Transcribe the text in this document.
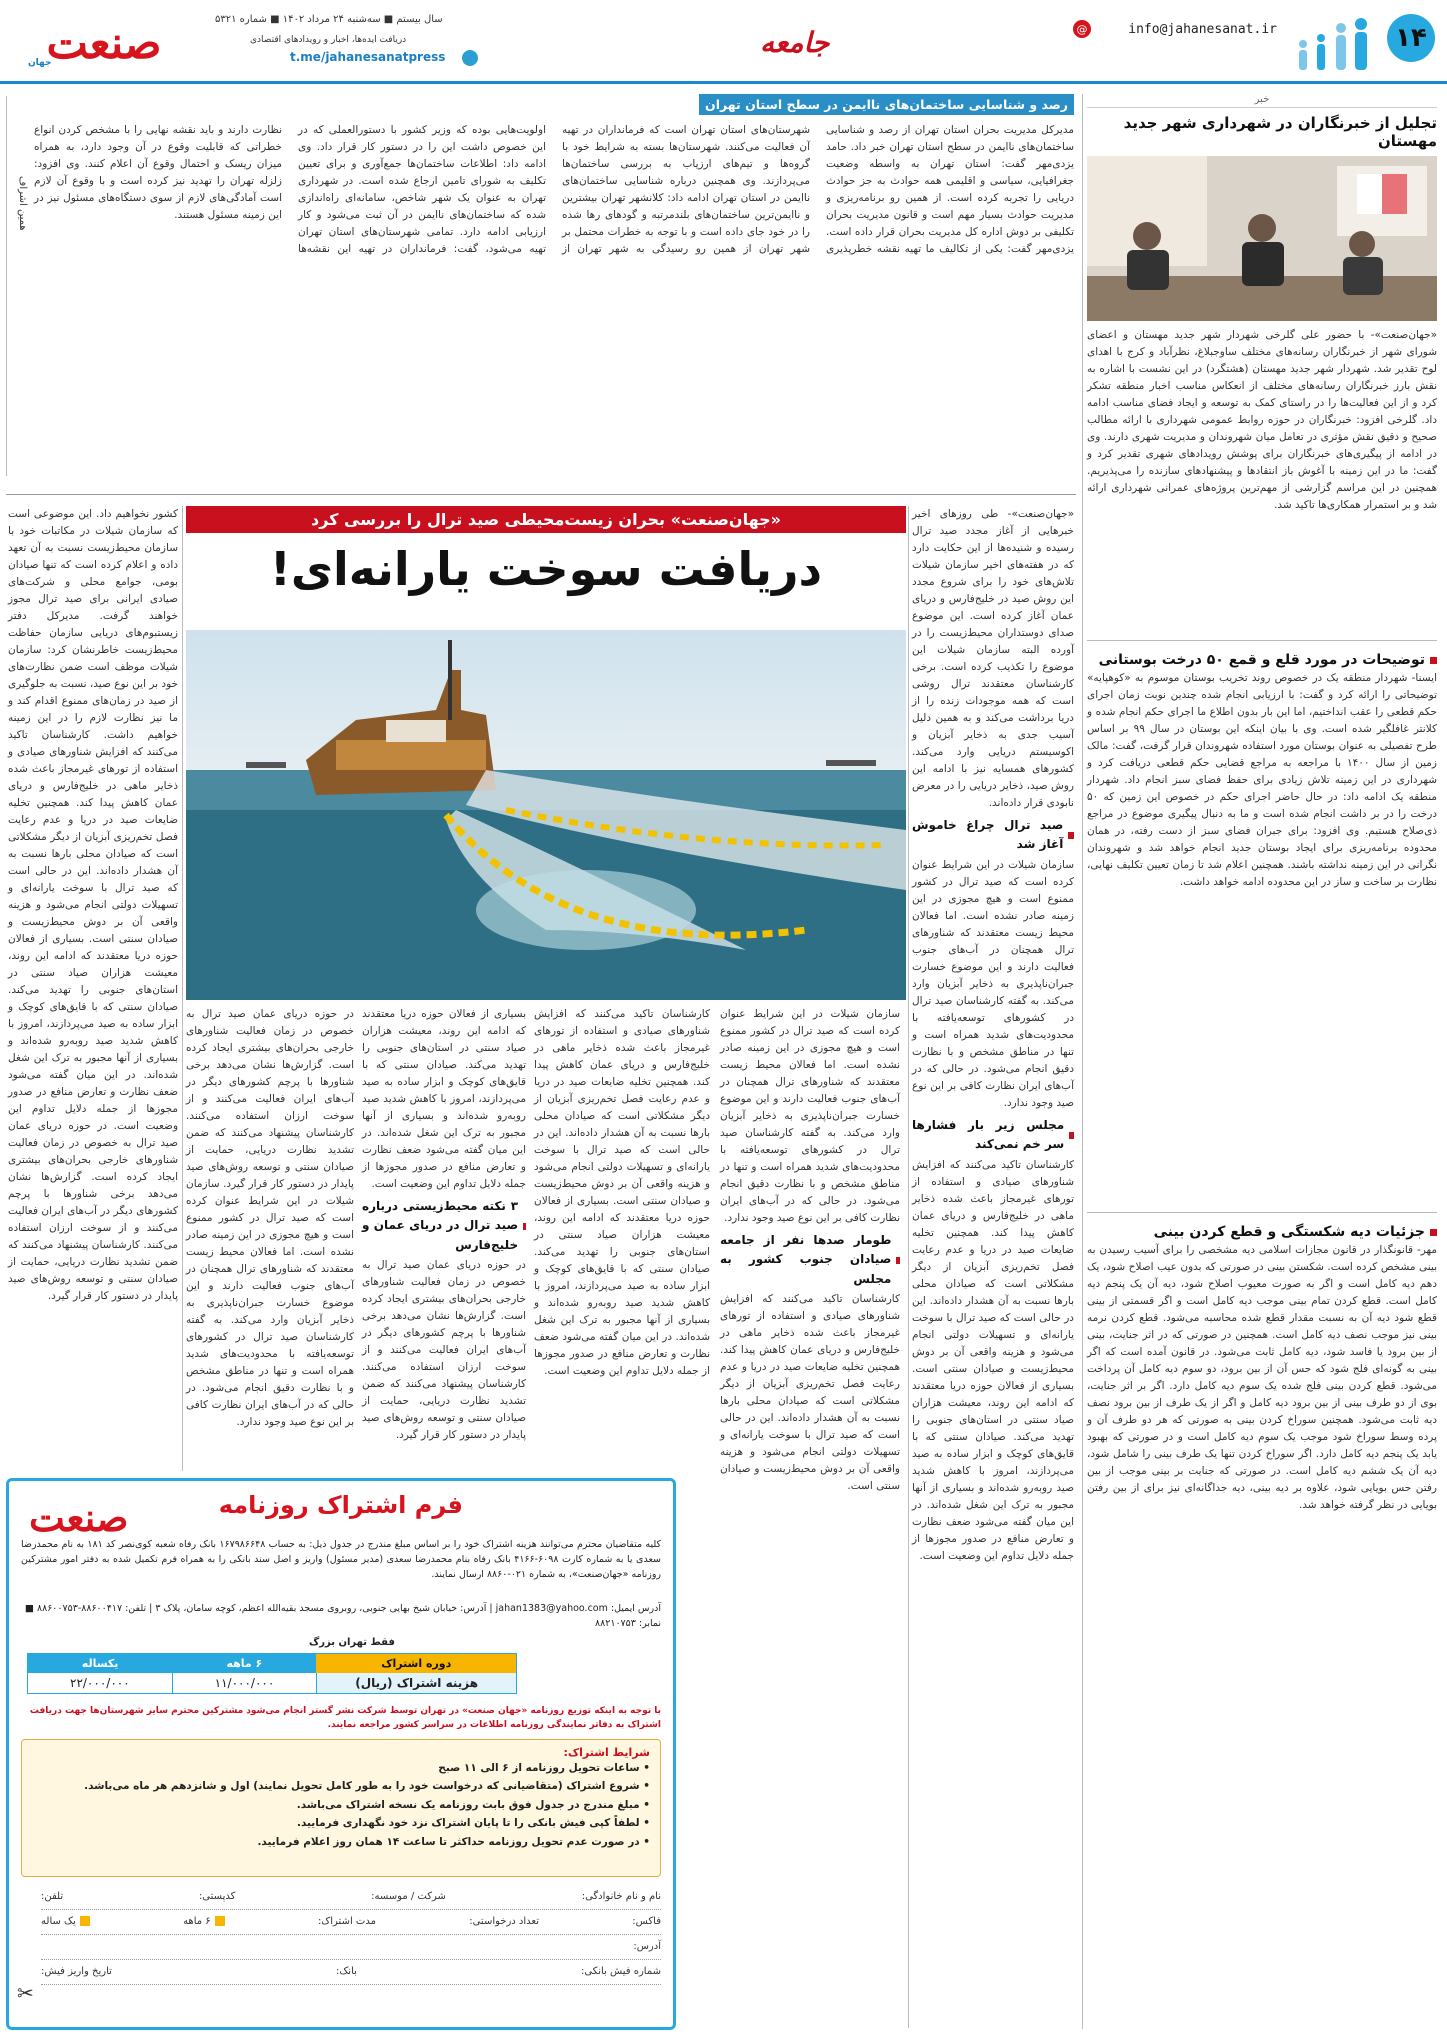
۱۴
@	info@jahanesanat.ir
جامعه
صنعت
جهان
سال بیستم ■ سه‌شنبه ۲۴ مرداد ۱۴۰۲ ■ شماره ۵۳۲۱
دریافت ایده‌ها، اخبار و رویدادهای اقتصادی
t.me/jahanesanatpress
همین اشراف
خبر
تجلیل از خبرنگاران در شهرداری شهر جدید مهستان
«جهان‌صنعت»- با حضور علی گلرخی شهردار شهر جدید مهستان و اعضای شورای شهر از خبرنگاران رسانه‌های مختلف ساوجبلاغ، نظرآباد و کرج با اهدای لوح تقدیر شد. شهردار شهر جدید مهستان (هشتگرد) در این نشست با اشاره به نقش بارز خبرنگاران رسانه‌های مختلف از انعکاس مناسب اخبار منطقه تشکر کرد و از این فعالیت‌ها را در راستای کمک به توسعه و ایجاد فضای مناسب ادامه داد. گلرخی افزود: خبرنگاران در حوزه روابط عمومی شهرداری با ارائه مطالب صحیح و دقیق نقش مؤثری در تعامل میان شهروندان و مدیریت شهری دارند. وی در ادامه از پیگیری‌های خبرنگاران برای پوشش رویدادهای شهری تقدیر کرد و گفت: ما در این زمینه با آغوش باز انتقادها و پیشنهادهای سازنده را می‌پذیریم. همچنین در این مراسم گزارشی از مهم‌ترین پروژه‌های عمرانی شهرداری ارائه شد و بر استمرار همکاری‌ها تاکید شد.
توضیحات در مورد قلع و قمع ۵۰ درخت بوستانی
ایسنا- شهردار منطقه یک در خصوص روند تخریب بوستان موسوم به «کوهپایه» توضیحاتی را ارائه کرد و گفت: با ارزیابی انجام شده چندین نوبت زمان اجرای حکم قطعی را عقب انداختیم، اما این بار بدون اطلاع ما اجرای حکم انجام شده و کلانتر غافلگیر شده است. وی با بیان اینکه این بوستان در سال ۹۹ بر اساس طرح تفصیلی به عنوان بوستان مورد استفاده شهروندان قرار گرفت، گفت: مالک زمین از سال ۱۴۰۰ با مراجعه به مراجع قضایی حکم قطعی دریافت کرد و شهرداری در این زمینه تلاش زیادی برای حفظ فضای سبز انجام داد. شهردار منطقه یک ادامه داد: در حال حاضر اجرای حکم در خصوص این زمین که ۵۰ درخت را در بر داشت انجام شده است و ما به دنبال پیگیری موضوع در مراجع ذی‌صلاح هستیم. وی افزود: برای جبران فضای سبز از دست رفته، در همان محدوده برنامه‌ریزی برای ایجاد بوستان جدید انجام خواهد شد و شهروندان نگرانی در این زمینه نداشته باشند. همچنین اعلام شد تا زمان تعیین تکلیف نهایی، نظارت بر ساخت و ساز در این محدوده ادامه خواهد داشت.
جزئیات دیه شکستگی و قطع کردن بینی
مهر- قانونگذار در قانون مجازات اسلامی دیه مشخصی را برای آسیب رسیدن به بینی مشخص کرده است. شکستن بینی در صورتی که بدون عیب اصلاح شود، یک دهم دیه کامل است و اگر به صورت معیوب اصلاح شود، دیه آن یک پنجم دیه کامل است. قطع کردن تمام بینی موجب دیه کامل است و اگر قسمتی از بینی قطع شود دیه آن به نسبت مقدار قطع شده محاسبه می‌شود. قطع کردن نرمه بینی نیز موجب نصف دیه کامل است. همچنین در صورتی که در اثر جنایت، بینی از بین برود یا فاسد شود، دیه کامل ثابت می‌شود. در قانون آمده است که اگر بینی به گونه‌ای فلج شود که حس آن از بین برود، دو سوم دیه کامل آن پرداخت می‌شود. قطع کردن بینی فلج شده یک سوم دیه کامل دارد. اگر بر اثر جنایت، بوی از دو طرف بینی از بین برود دیه کامل و اگر از یک طرف از بین برود نصف دیه ثابت می‌شود. همچنین سوراخ کردن بینی به صورتی که هر دو طرف آن و پرده وسط سوراخ شود موجب یک سوم دیه کامل است و در صورتی که بهبود یابد یک پنجم دیه کامل دارد. اگر سوراخ کردن تنها یک طرف بینی را شامل شود، دیه آن یک ششم دیه کامل است. در صورتی که جنایت بر بینی موجب از بین رفتن حس بویایی شود، علاوه بر دیه بینی، دیه جداگانه‌ای نیز برای از بین رفتن بویایی در نظر گرفته خواهد شد.
رصد و شناسایی ساختمان‌های ناایمن در سطح استان تهران
مدیرکل مدیریت بحران استان تهران از رصد و شناسایی ساختمان‌های ناایمن در سطح استان تهران خبر داد. حامد یزدی‌مهر گفت: استان تهران به واسطه وضعیت جغرافیایی، سیاسی و اقلیمی همه حوادث به جز حوادث دریایی را تجربه کرده است. از همین رو برنامه‌ریزی و مدیریت حوادث بسیار مهم است و قانون مدیریت بحران تکلیفی بر دوش اداره کل مدیریت بحران قرار داده است. یزدی‌مهر گفت: یکی از تکالیف ما تهیه نقشه خطرپذیری شهرستان‌های استان تهران است که فرمانداران در تهیه آن فعالیت می‌کنند. شهرستان‌ها بسته به شرایط خود با گروه‌ها و تیم‌های ارزیاب به بررسی ساختمان‌ها می‌پردازند. وی همچنین درباره شناسایی ساختمان‌های ناایمن در استان تهران ادامه داد: کلانشهر تهران بیشترین و ناایمن‌ترین ساختمان‌های بلندمرتبه و گودهای رها شده را در خود جای داده است و با توجه به خطرات محتمل بر شهر تهران از همین رو رسیدگی به شهر تهران از اولویت‌هایی بوده که وزیر کشور با دستورالعملی که در این خصوص داشت این را در دستور کار قرار داد. وی ادامه داد: اطلاعات ساختمان‌ها جمع‌آوری و برای تعیین تکلیف به شورای تامین ارجاع شده است. در شهرداری تهران به عنوان یک شهر شاخص، سامانه‌ای راه‌اندازی شده که ساختمان‌های ناایمن در آن ثبت می‌شود و کار ارزیابی ادامه دارد. تمامی شهرستان‌های استان تهران تهیه می‌شود، گفت: فرمانداران در تهیه این نقشه‌ها نظارت دارند و باید نقشه نهایی را با مشخص کردن انواع خطراتی که قابلیت وقوع در آن وجود دارد، به همراه میزان ریسک و احتمال وقوع آن اعلام کنند. وی افزود: زلزله تهران را تهدید نیز کرده است و با وقوع آن لازم است آمادگی‌های لازم از سوی دستگاه‌های مسئول نیز در این زمینه مسئول هستند.
«جهان‌صنعت» بحران زیست‌محیطی صید ترال را بررسی کرد
دریافت سوخت یارانه‌ای!
«جهان‌صنعت»- طی روزهای اخیر خبرهایی از آغاز مجدد صید ترال رسیده و شنیده‌ها از این حکایت دارد که در هفته‌های اخیر سازمان شیلات تلاش‌های خود را برای شروع مجدد این روش صید در خلیج‌فارس و دریای عمان آغاز کرده است. این موضوع صدای دوستداران محیط‌زیست را در آورده البته سازمان شیلات این موضوع را تکذیب کرده است. برخی کارشناسان معتقدند ترال روشی است که همه موجودات زنده را از دریا برداشت می‌کند و به همین دلیل آسیب جدی به ذخایر آبزیان و اکوسیستم دریایی وارد می‌کند. کشورهای همسایه نیز با ادامه این روش صید، ذخایر دریایی را در معرض نابودی قرار داده‌اند.
صید ترال چراغ خاموش آغاز شد
سازمان شیلات در این شرایط عنوان کرده است که صید ترال در کشور ممنوع است و هیچ مجوزی در این زمینه صادر نشده است. اما فعالان محیط زیست معتقدند که شناورهای ترال همچنان در آب‌های جنوب فعالیت دارند و این موضوع خسارت جبران‌ناپذیری به ذخایر آبزیان وارد می‌کند. به گفته کارشناسان صید ترال در کشورهای توسعه‌یافته با محدودیت‌های شدید همراه است و تنها در مناطق مشخص و با نظارت دقیق انجام می‌شود. در حالی که در آب‌های ایران نظارت کافی بر این نوع صید وجود ندارد.
مجلس زیر بار فشارها سر خم نمی‌کند
کارشناسان تاکید می‌کنند که افزایش شناورهای صیادی و استفاده از تورهای غیرمجاز باعث شده ذخایر ماهی در خلیج‌فارس و دریای عمان کاهش پیدا کند. همچنین تخلیه ضایعات صید در دریا و عدم رعایت فصل تخم‌ریزی آبزیان از دیگر مشکلاتی است که صیادان محلی بارها نسبت به آن هشدار داده‌اند. این در حالی است که صید ترال با سوخت یارانه‌ای و تسهیلات دولتی انجام می‌شود و هزینه واقعی آن بر دوش محیط‌زیست و صیادان سنتی است. بسیاری از فعالان حوزه دریا معتقدند که ادامه این روند، معیشت هزاران صیاد سنتی در استان‌های جنوبی را تهدید می‌کند. صیادان سنتی که با قایق‌های کوچک و ابزار ساده به صید می‌پردازند، امروز با کاهش شدید صید روبه‌رو شده‌اند و بسیاری از آنها مجبور به ترک این شغل شده‌اند. در این میان گفته می‌شود ضعف نظارت و تعارض منافع در صدور مجوزها از جمله دلایل تداوم این وضعیت است.
سازمان شیلات در این شرایط عنوان کرده است که صید ترال در کشور ممنوع است و هیچ مجوزی در این زمینه صادر نشده است. اما فعالان محیط زیست معتقدند که شناورهای ترال همچنان در آب‌های جنوب فعالیت دارند و این موضوع خسارت جبران‌ناپذیری به ذخایر آبزیان وارد می‌کند. به گفته کارشناسان صید ترال در کشورهای توسعه‌یافته با محدودیت‌های شدید همراه است و تنها در مناطق مشخص و با نظارت دقیق انجام می‌شود. در حالی که در آب‌های ایران نظارت کافی بر این نوع صید وجود ندارد.
طومار صدها نفر از جامعه صیادان جنوب کشور به مجلس
کارشناسان تاکید می‌کنند که افزایش شناورهای صیادی و استفاده از تورهای غیرمجاز باعث شده ذخایر ماهی در خلیج‌فارس و دریای عمان کاهش پیدا کند. همچنین تخلیه ضایعات صید در دریا و عدم رعایت فصل تخم‌ریزی آبزیان از دیگر مشکلاتی است که صیادان محلی بارها نسبت به آن هشدار داده‌اند. این در حالی است که صید ترال با سوخت یارانه‌ای و تسهیلات دولتی انجام می‌شود و هزینه واقعی آن بر دوش محیط‌زیست و صیادان سنتی است.
کارشناسان تاکید می‌کنند که افزایش شناورهای صیادی و استفاده از تورهای غیرمجاز باعث شده ذخایر ماهی در خلیج‌فارس و دریای عمان کاهش پیدا کند. همچنین تخلیه ضایعات صید در دریا و عدم رعایت فصل تخم‌ریزی آبزیان از دیگر مشکلاتی است که صیادان محلی بارها نسبت به آن هشدار داده‌اند. این در حالی است که صید ترال با سوخت یارانه‌ای و تسهیلات دولتی انجام می‌شود و هزینه واقعی آن بر دوش محیط‌زیست و صیادان سنتی است. بسیاری از فعالان حوزه دریا معتقدند که ادامه این روند، معیشت هزاران صیاد سنتی در استان‌های جنوبی را تهدید می‌کند. صیادان سنتی که با قایق‌های کوچک و ابزار ساده به صید می‌پردازند، امروز با کاهش شدید صید روبه‌رو شده‌اند و بسیاری از آنها مجبور به ترک این شغل شده‌اند. در این میان گفته می‌شود ضعف نظارت و تعارض منافع در صدور مجوزها از جمله دلایل تداوم این وضعیت است.
بسیاری از فعالان حوزه دریا معتقدند که ادامه این روند، معیشت هزاران صیاد سنتی در استان‌های جنوبی را تهدید می‌کند. صیادان سنتی که با قایق‌های کوچک و ابزار ساده به صید می‌پردازند، امروز با کاهش شدید صید روبه‌رو شده‌اند و بسیاری از آنها مجبور به ترک این شغل شده‌اند. در این میان گفته می‌شود ضعف نظارت و تعارض منافع در صدور مجوزها از جمله دلایل تداوم این وضعیت است.
۳ نکته محیط‌زیستی درباره صید ترال در دریای عمان و خلیج‌فارس
در حوزه دریای عمان صید ترال به خصوص در زمان فعالیت شناورهای خارجی بحران‌های بیشتری ایجاد کرده است. گزارش‌ها نشان می‌دهد برخی شناورها با پرچم کشورهای دیگر در آب‌های ایران فعالیت می‌کنند و از سوخت ارزان استفاده می‌کنند. کارشناسان پیشنهاد می‌کنند که ضمن تشدید نظارت دریایی، حمایت از صیادان سنتی و توسعه روش‌های صید پایدار در دستور کار قرار گیرد.
در حوزه دریای عمان صید ترال به خصوص در زمان فعالیت شناورهای خارجی بحران‌های بیشتری ایجاد کرده است. گزارش‌ها نشان می‌دهد برخی شناورها با پرچم کشورهای دیگر در آب‌های ایران فعالیت می‌کنند و از سوخت ارزان استفاده می‌کنند. کارشناسان پیشنهاد می‌کنند که ضمن تشدید نظارت دریایی، حمایت از صیادان سنتی و توسعه روش‌های صید پایدار در دستور کار قرار گیرد. سازمان شیلات در این شرایط عنوان کرده است که صید ترال در کشور ممنوع است و هیچ مجوزی در این زمینه صادر نشده است. اما فعالان محیط زیست معتقدند که شناورهای ترال همچنان در آب‌های جنوب فعالیت دارند و این موضوع خسارت جبران‌ناپذیری به ذخایر آبزیان وارد می‌کند. به گفته کارشناسان صید ترال در کشورهای توسعه‌یافته با محدودیت‌های شدید همراه است و تنها در مناطق مشخص و با نظارت دقیق انجام می‌شود. در حالی که در آب‌های ایران نظارت کافی بر این نوع صید وجود ندارد.
کشور نخواهیم داد. این موضوعی است که سازمان شیلات در مکاتبات خود با سازمان محیط‌زیست نسبت به آن تعهد داده و اعلام کرده است که تنها صیادان بومی، جوامع محلی و شرکت‌های صیادی ایرانی برای صید ترال مجوز خواهند گرفت. مدیرکل دفتر زیستبوم‌های دریایی سازمان حفاظت محیط‌زیست خاطرنشان کرد: سازمان شیلات موظف است ضمن نظارت‌های خود بر این نوع صید، نسبت به جلوگیری از صید در زمان‌های ممنوع اقدام کند و ما نیز نظارت لازم را در این زمینه خواهیم داشت. کارشناسان تاکید می‌کنند که افزایش شناورهای صیادی و استفاده از تورهای غیرمجاز باعث شده ذخایر ماهی در خلیج‌فارس و دریای عمان کاهش پیدا کند. همچنین تخلیه ضایعات صید در دریا و عدم رعایت فصل تخم‌ریزی آبزیان از دیگر مشکلاتی است که صیادان محلی بارها نسبت به آن هشدار داده‌اند. این در حالی است که صید ترال با سوخت یارانه‌ای و تسهیلات دولتی انجام می‌شود و هزینه واقعی آن بر دوش محیط‌زیست و صیادان سنتی است. بسیاری از فعالان حوزه دریا معتقدند که ادامه این روند، معیشت هزاران صیاد سنتی در استان‌های جنوبی را تهدید می‌کند. صیادان سنتی که با قایق‌های کوچک و ابزار ساده به صید می‌پردازند، امروز با کاهش شدید صید روبه‌رو شده‌اند و بسیاری از آنها مجبور به ترک این شغل شده‌اند. در این میان گفته می‌شود ضعف نظارت و تعارض منافع در صدور مجوزها از جمله دلایل تداوم این وضعیت است. در حوزه دریای عمان صید ترال به خصوص در زمان فعالیت شناورهای خارجی بحران‌های بیشتری ایجاد کرده است. گزارش‌ها نشان می‌دهد برخی شناورها با پرچم کشورهای دیگر در آب‌های ایران فعالیت می‌کنند و از سوخت ارزان استفاده می‌کنند. کارشناسان پیشنهاد می‌کنند که ضمن تشدید نظارت دریایی، حمایت از صیادان سنتی و توسعه روش‌های صید پایدار در دستور کار قرار گیرد.
صنعت	فرم اشتراک روزنامه
کلیه متقاضیان محترم می‌توانند هزینه اشتراک خود را بر اساس مبلغ مندرج در جدول ذیل: به حساب ۱۶۷۹۸۶۶۴۸ بانک رفاه شعبه کوی‌نصر کد ۱۸۱ به نام محمدرضا سعدی یا به شماره کارت ۶۰۹۸-۴۱۶۶ بانک رفاه بنام محمدرضا سعدی (مدیر مسئول) واریز و اصل سند بانکی را به همراه فرم تکمیل شده به دفتر امور مشترکین روزنامه «جهان‌صنعت»، به شماره ۰۲۱-۸۸۶۰ ارسال نمایند.
آدرس ایمیل: jahan1383@yahoo.com | آدرس: خیابان شیخ بهایی جنوبی، روبروی مسجد بقیه‌الله اعظم، کوچه سامان، پلاک ۳ | تلفن: ۸۸۶۰۰۴۱۷-۸۸۶۰۰۷۵۳ ■ نمابر: ۸۸۲۱۰۷۵۳
فقط تهران بزرگ
دوره اشتراک
۶ ماهه
یکساله
هزینه اشتراک (ریال)
۱۱/۰۰۰/۰۰۰
۲۲/۰۰۰/۰۰۰
با توجه به اینکه توزیع روزنامه «جهان صنعت» در تهران توسط شرکت نشر گستر انجام می‌شود مشترکین محترم سایر شهرستان‌ها جهت دریافت اشتراک به دفاتر نمایندگی روزنامه اطلاعات در سراسر کشور مراجعه نمایند.
شرایط اشتراک:
• ساعات تحویل روزنامه از ۶ الی ۱۱ صبح
• شروع اشتراک (متقاضیانی که درخواست خود را به طور کامل تحویل نمایند) اول و شانزدهم هر ماه می‌باشد.
• مبلغ مندرج در جدول فوق بابت روزنامه یک نسخه اشتراک می‌باشد.
• لطفاً کپی فیش بانکی را تا پایان اشتراک نزد خود نگهداری فرمایید.
• در صورت عدم تحویل روزنامه حداکثر تا ساعت ۱۴ همان روز اعلام فرمایید.
نام و نام خانوادگی:
شرکت / موسسه:
کدپستی:
تلفن:
فاکس:
تعداد درخواستی:
مدت اشتراک:
۶ ماهه
یک ساله
آدرس:
شماره فیش بانکی:
بانک:
تاریخ واریز فیش:
✂
